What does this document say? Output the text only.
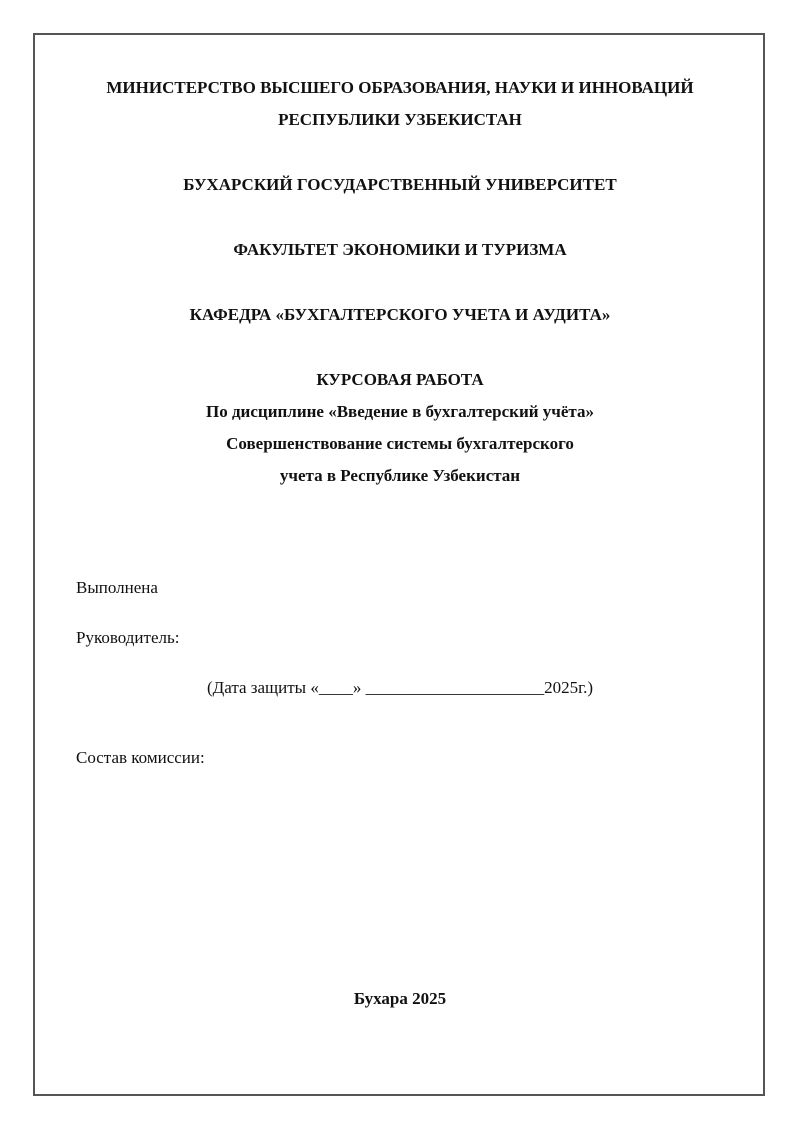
МИНИСТЕРСТВО ВЫСШЕГО ОБРАЗОВАНИЯ, НАУКИ И ИННОВАЦИЙ
РЕСПУБЛИКИ УЗБЕКИСТАН
БУХАРСКИЙ ГОСУДАРСТВЕННЫЙ УНИВЕРСИТЕТ
ФАКУЛЬТЕТ ЭКОНОМИКИ И ТУРИЗМА
КАФЕДРА «БУХГАЛТЕРСКОГО УЧЕТА И АУДИТА»
КУРСОВАЯ РАБОТА
По дисциплине «Введение в бухгалтерский учёта»
Совершенствование системы бухгалтерского
учета в Республике Узбекистан
Выполнена
Руководитель:
(Дата защиты «____» _____________________2025г.)
Состав комиссии:
Бухара 2025
